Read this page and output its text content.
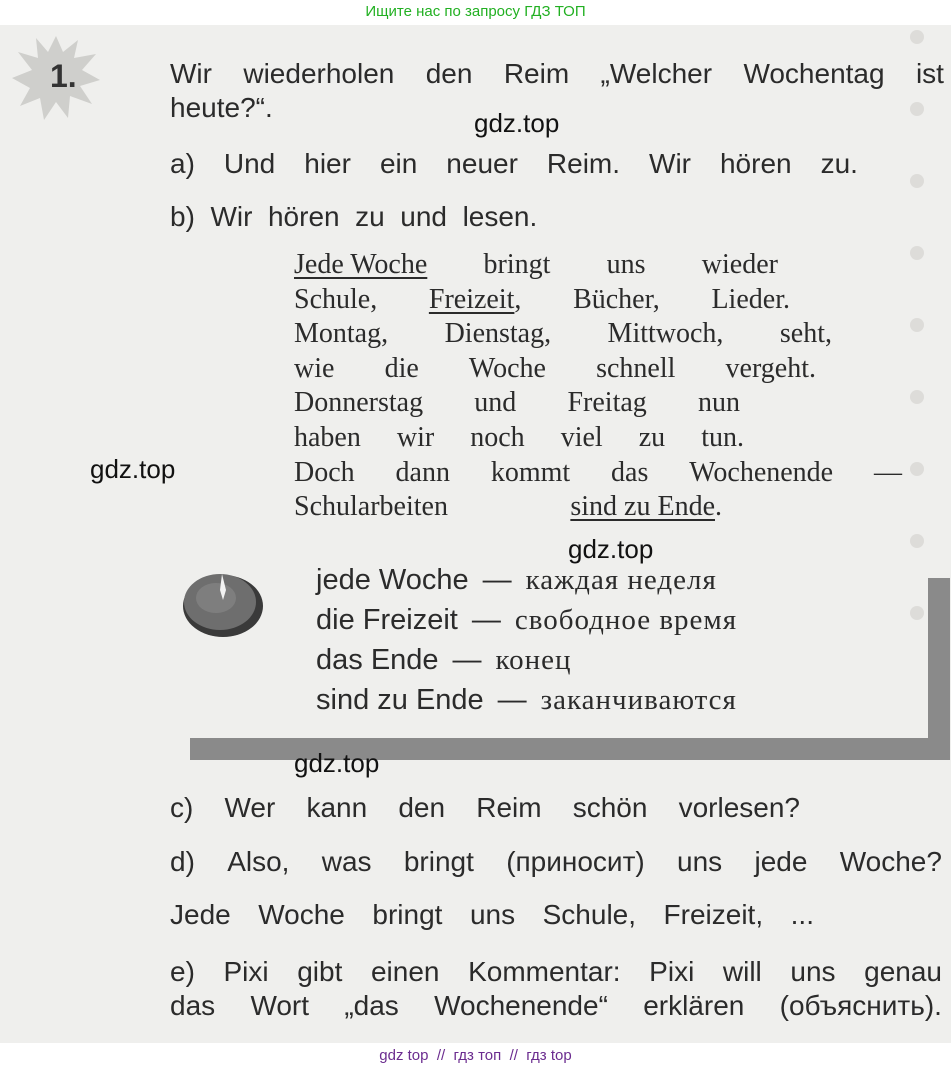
1.	Wir wiederholen den Reim „Welcher Wochentag ist
heute?“.
a) Und hier ein neuer Reim. Wir hören zu.
b)  Wir  hören  zu  und  lesen.
Jede Woche bringt uns wieder
Schule, Freizeit, Bücher, Lieder.
Montag, Dienstag, Mittwoch, seht,
wie die Woche schnell vergeht.
Donnerstag und Freitag nun
haben wir noch viel zu tun.
Doch dann kommt das Wochenende —
Schularbeiten	sind zu Ende.
jede Woche — каждая неделя
die Freizeit — свободное время
das Ende — конец
sind zu Ende — заканчиваются
c) Wer kann den Reim schön vorlesen?
d) Also, was bringt (приносит) uns jede Woche?
Jede Woche bringt uns Schule, Freizeit, ...
e) Pixi gibt einen Kommentar: Pixi will uns genau
das Wort „das Wochenende“ erklären (объяснить).
gdz.top
gdz.top
gdz.top
gdz.top
Ищите нас по запросу ГДЗ ТОП
gdz top  //  гдз топ  //  гдз top
